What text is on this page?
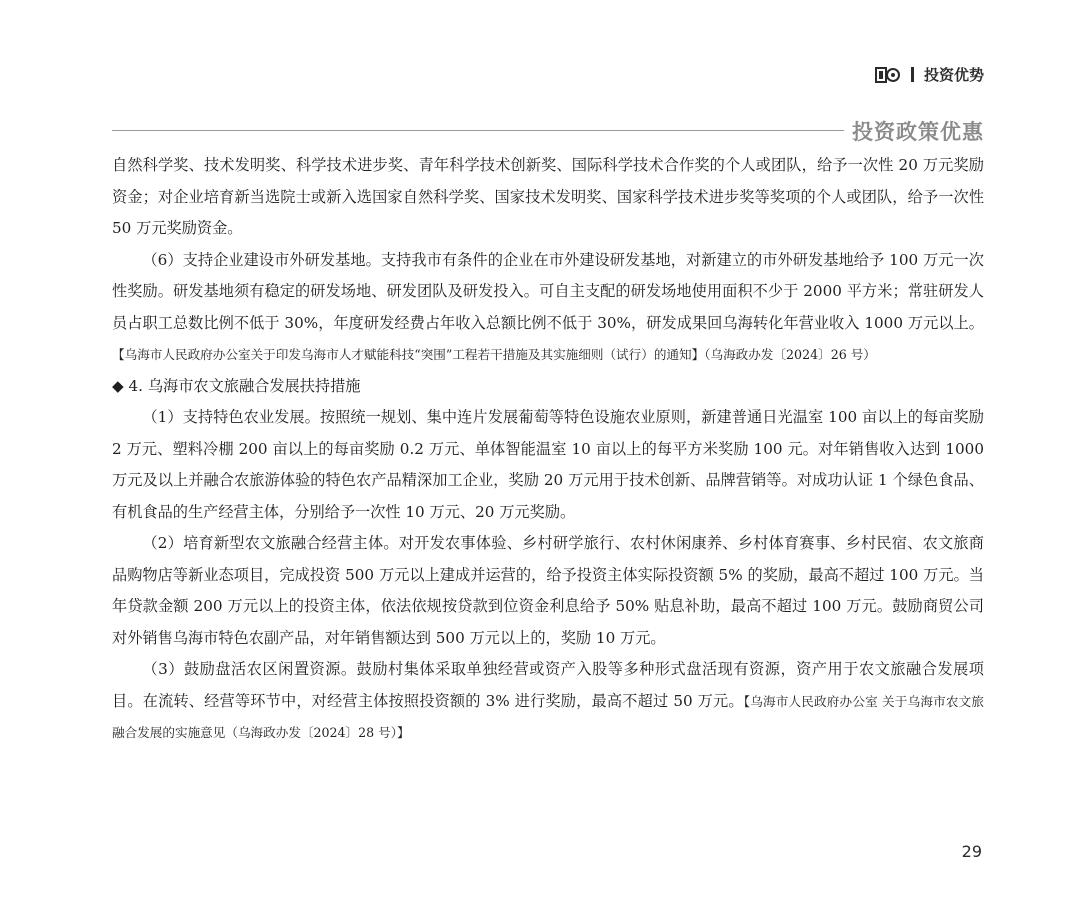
投资优势
投资政策优惠

自然科学奖、技术发明奖、科学技术进步奖、青年科学技术创新奖、国际科学技术合作奖的个人或团队，给予一次性 20 万元奖励资金；对企业培育新当选院士或新入选国家自然科学奖、国家技术发明奖、国家科学技术进步奖等奖项的个人或团队，给予一次性 50 万元奖励资金。

（6）支持企业建设市外研发基地。支持我市有条件的企业在市外建设研发基地，对新建立的市外研发基地给予 100 万元一次性奖励。研发基地须有稳定的研发场地、研发团队及研发投入。可自主支配的研发场地使用面积不少于 2000 平方米；常驻研发人员占职工总数比例不低于 30%，年度研发经费占年收入总额比例不低于 30%，研发成果回乌海转化年营业收入 1000 万元以上。【乌海市人民政府办公室关于印发乌海市人才赋能科技“突围”工程若干措施及其实施细则（试行）的通知】（乌海政办发〔2024〕26 号）

◆ 4. 乌海市农文旅融合发展扶持措施

（1）支持特色农业发展。按照统一规划、集中连片发展葡萄等特色设施农业原则，新建普通日光温室 100 亩以上的每亩奖励 2 万元、塑料冷棚 200 亩以上的每亩奖励 0.2 万元、单体智能温室 10 亩以上的每平方米奖励 100 元。对年销售收入达到 1000 万元及以上并融合农旅游体验的特色农产品精深加工企业，奖励 20 万元用于技术创新、品牌营销等。对成功认证 1 个绿色食品、有机食品的生产经营主体，分别给予一次性 10 万元、20 万元奖励。

（2）培育新型农文旅融合经营主体。对开发农事体验、乡村研学旅行、农村休闲康养、乡村体育赛事、乡村民宿、农文旅商品购物店等新业态项目，完成投资 500 万元以上建成并运营的，给予投资主体实际投资额 5% 的奖励，最高不超过 100 万元。当年贷款金额 200 万元以上的投资主体，依法依规按贷款到位资金利息给予 50% 贴息补助，最高不超过 100 万元。鼓励商贸公司对外销售乌海市特色农副产品，对年销售额达到 500 万元以上的，奖励 10 万元。

（3）鼓励盘活农区闲置资源。鼓励村集体采取单独经营或资产入股等多种形式盘活现有资源，资产用于农文旅融合发展项目。在流转、经营等环节中，对经营主体按照投资额的 3% 进行奖励，最高不超过 50 万元。【乌海市人民政府办公室 关于乌海市农文旅融合发展的实施意见（乌海政办发〔2024〕28 号）】

29
